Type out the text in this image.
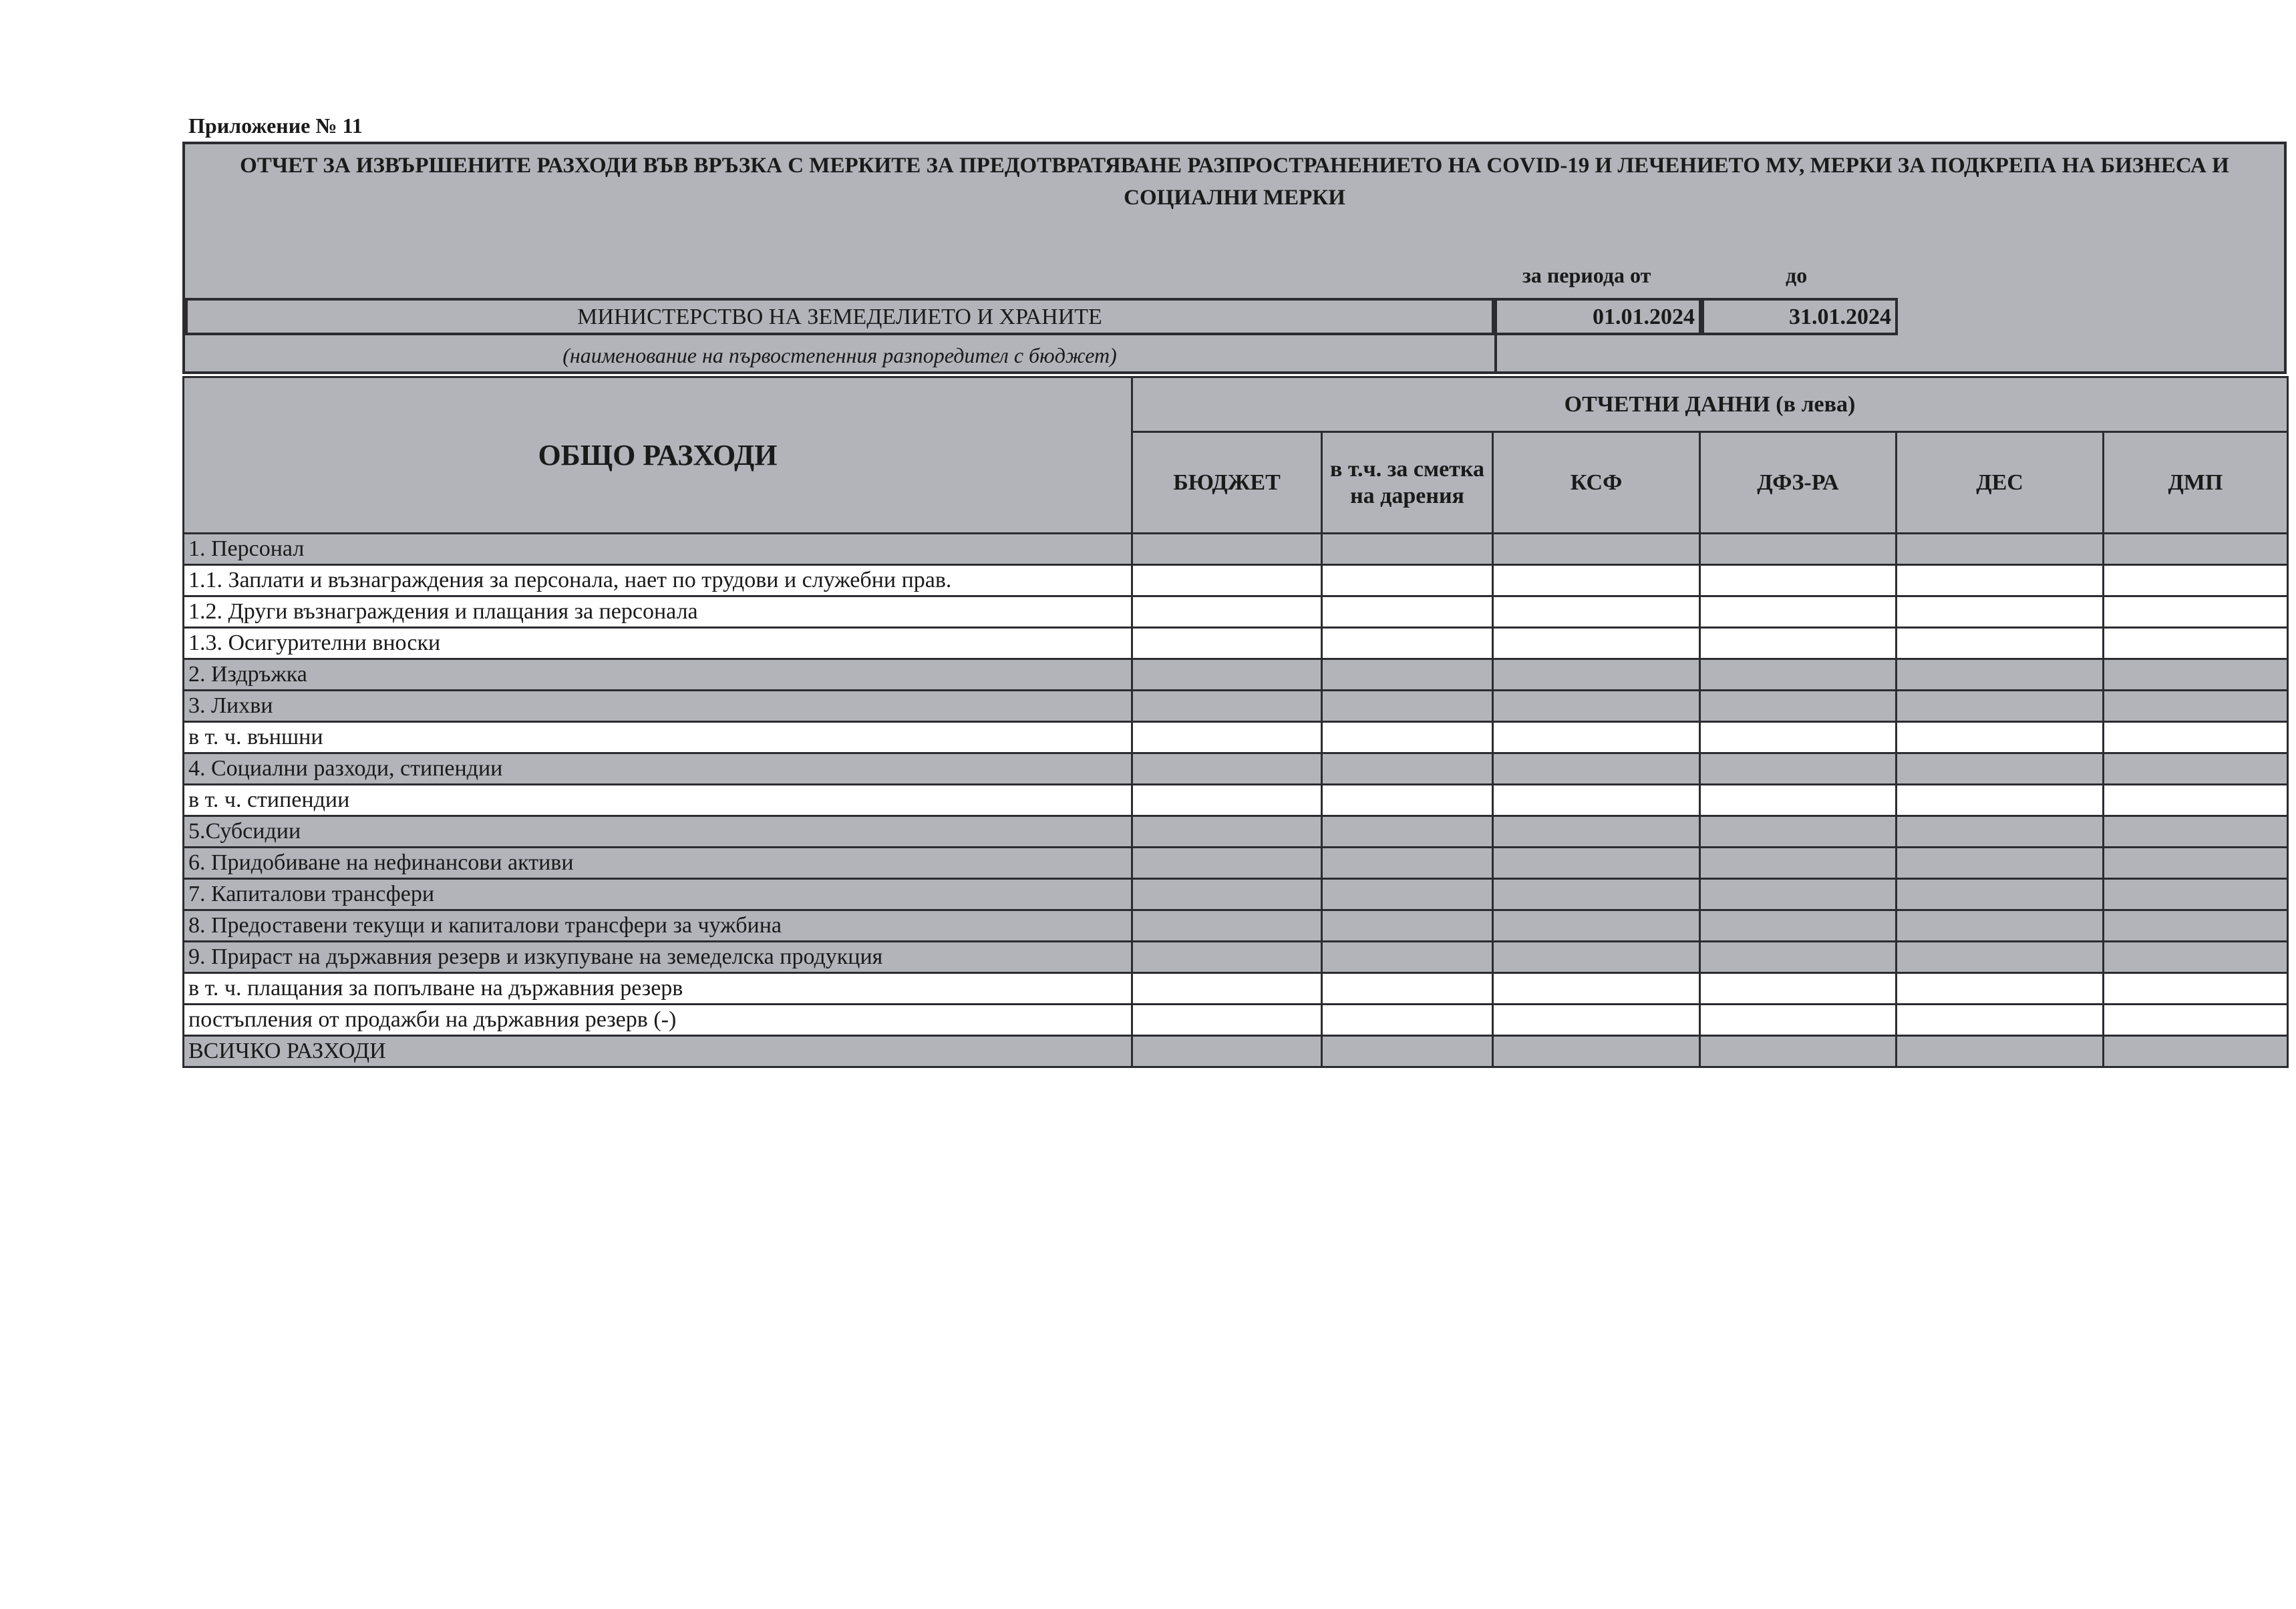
Приложение № 11
ОТЧЕТ ЗА ИЗВЪРШЕНИТЕ РАЗХОДИ ВЪВ ВРЪЗКА С МЕРКИТЕ ЗА ПРЕДОТВРАТЯВАНЕ РАЗПРОСТРАНЕНИЕТО НА COVID-19 И ЛЕЧЕНИЕТО МУ, МЕРКИ ЗА ПОДКРЕПА НА БИЗНЕСА И СОЦИАЛНИ МЕРКИ
за периода от	до
МИНИСТЕРСТВО НА ЗЕМЕДЕЛИЕТО И ХРАНИТЕ	01.01.2024	31.01.2024
(наименование на първостепенния разпоредител с бюджет)
ОБЩО РАЗХОДИ	ОТЧЕТНИ ДАННИ (в лева)					
	БЮДЖЕТ	в т.ч. за сметка на дарения	КСФ	ДФЗ-РА	ДЕС	ДМП
1. Персонал						
1.1. Заплати и възнаграждения за персонала, нает по трудови и служебни прав.						
1.2. Други възнаграждения и плащания за персонала						
1.3. Осигурителни вноски						
2. Издръжка						
3. Лихви						
в т. ч. външни						
4. Социални разходи, стипендии						
в т. ч. стипендии						
5.Субсидии						
6. Придобиване на нефинансови активи						
7. Капиталови трансфери						
8. Предоставени текущи и капиталови трансфери за чужбина						
9. Прираст на държавния резерв и изкупуване на земеделска продукция						
в т. ч. плащания за попълване на държавния резерв						
постъпления от продажби на държавния резерв (-)						
ВСИЧКО РАЗХОДИ						
